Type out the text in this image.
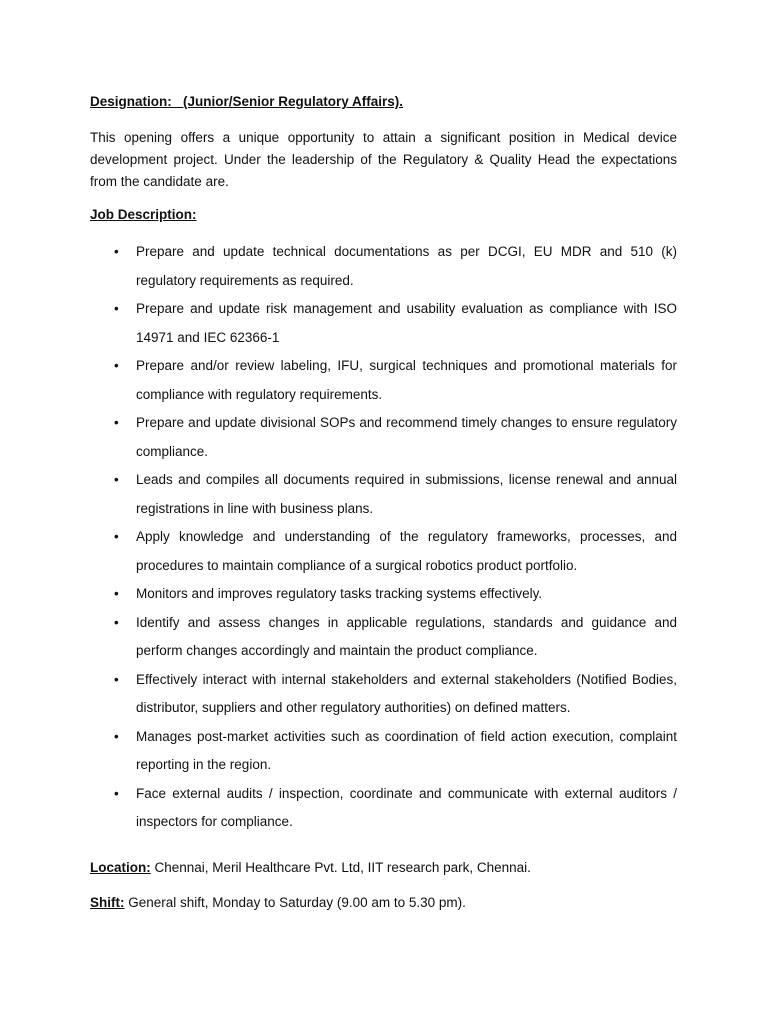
Designation:   (Junior/Senior Regulatory Affairs).

This opening offers a unique opportunity to attain a significant position in Medical device development project. Under the leadership of the Regulatory & Quality Head the expectations from the candidate are.

Job Description:
• Prepare and update technical documentations as per DCGI, EU MDR and 510 (k) regulatory requirements as required.
• Prepare and update risk management and usability evaluation as compliance with ISO 14971 and IEC 62366-1
• Prepare and/or review labeling, IFU, surgical techniques and promotional materials for compliance with regulatory requirements.
• Prepare and update divisional SOPs and recommend timely changes to ensure regulatory compliance.
• Leads and compiles all documents required in submissions, license renewal and annual registrations in line with business plans.
• Apply knowledge and understanding of the regulatory frameworks, processes, and procedures to maintain compliance of a surgical robotics product portfolio.
• Monitors and improves regulatory tasks tracking systems effectively.
• Identify and assess changes in applicable regulations, standards and guidance and perform changes accordingly and maintain the product compliance.
• Effectively interact with internal stakeholders and external stakeholders (Notified Bodies, distributor, suppliers and other regulatory authorities) on defined matters.
• Manages post-market activities such as coordination of field action execution, complaint reporting in the region.
• Face external audits / inspection, coordinate and communicate with external auditors / inspectors for compliance.
Location: Chennai, Meril Healthcare Pvt. Ltd, IIT research park, Chennai.
Shift: General shift, Monday to Saturday (9.00 am to 5.30 pm).
